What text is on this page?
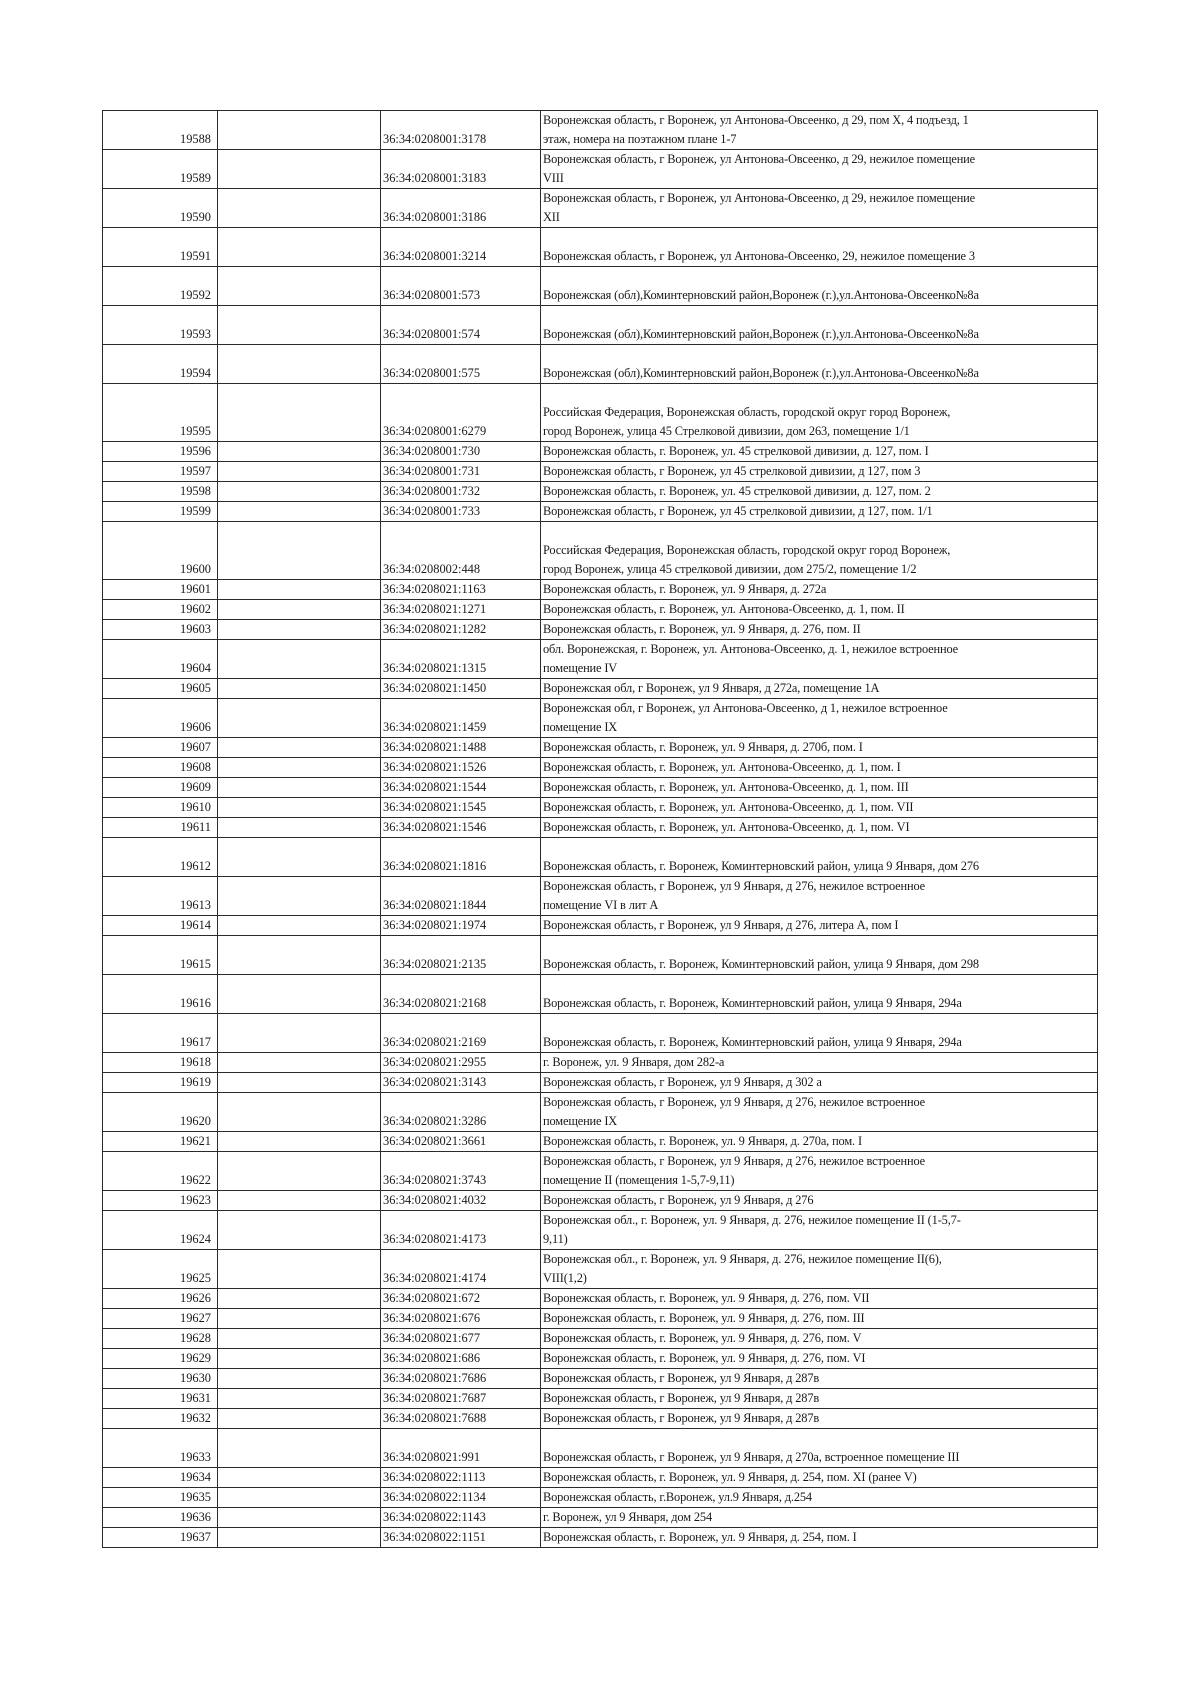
19588		36:34:0208001:3178	Воронежская область, г Воронеж, ул Антонова-Овсеенко, д 29, пом X, 4 подъезд, 1
этаж, номера на поэтажном плане 1-7

19589		36:34:0208001:3183	Воронежская область, г Воронеж, ул Антонова-Овсеенко, д 29, нежилое помещение
VIII

19590		36:34:0208001:3186	Воронежская область, г Воронеж, ул Антонова-Овсеенко, д 29, нежилое помещение
XII

19591		36:34:0208001:3214	Воронежская область, г Воронеж, ул Антонова-Овсеенко, 29, нежилое помещение 3

19592		36:34:0208001:573	Воронежская (обл),Коминтерновский район,Воронеж (г.),ул.Антонова-Овсеенко№8а

19593		36:34:0208001:574	Воронежская (обл),Коминтерновский район,Воронеж (г.),ул.Антонова-Овсеенко№8а

19594		36:34:0208001:575	Воронежская (обл),Коминтерновский район,Воронеж (г.),ул.Антонова-Овсеенко№8а

19595		36:34:0208001:6279	Российская Федерация, Воронежская область, городской округ город Воронеж,
город Воронеж, улица 45 Стрелковой дивизии, дом 263, помещение 1/1

19596		36:34:0208001:730	Воронежская область, г. Воронеж, ул. 45 стрелковой дивизии, д. 127, пом. I

19597		36:34:0208001:731	Воронежская область, г Воронеж, ул 45 стрелковой дивизии, д 127, пом 3

19598		36:34:0208001:732	Воронежская область, г. Воронеж, ул. 45 стрелковой дивизии, д. 127, пом. 2

19599		36:34:0208001:733	Воронежская область, г Воронеж, ул 45 стрелковой дивизии, д 127, пом. 1/1

19600		36:34:0208002:448	Российская Федерация, Воронежская область, городской округ город Воронеж,
город Воронеж, улица 45 стрелковой дивизии, дом 275/2, помещение 1/2

19601		36:34:0208021:1163	Воронежская область, г. Воронеж, ул. 9 Января, д. 272а

19602		36:34:0208021:1271	Воронежская область, г. Воронеж, ул. Антонова-Овсеенко, д. 1, пом. II

19603		36:34:0208021:1282	Воронежская область, г. Воронеж, ул. 9 Января, д. 276, пом. II

19604		36:34:0208021:1315	обл. Воронежская, г. Воронеж, ул. Антонова-Овсеенко, д. 1, нежилое встроенное
помещение IV

19605		36:34:0208021:1450	Воронежская обл, г Воронеж, ул 9 Января, д 272а, помещение 1А

19606		36:34:0208021:1459	Воронежская обл, г Воронеж, ул Антонова-Овсеенко, д 1, нежилое встроенное
помещение IX

19607		36:34:0208021:1488	Воронежская область, г. Воронеж, ул. 9 Января, д. 270б, пом. I

19608		36:34:0208021:1526	Воронежская область, г. Воронеж, ул. Антонова-Овсеенко, д. 1, пом. I

19609		36:34:0208021:1544	Воронежская область, г. Воронеж, ул. Антонова-Овсеенко, д. 1, пом. III

19610		36:34:0208021:1545	Воронежская область, г. Воронеж, ул. Антонова-Овсеенко, д. 1, пом. VII

19611		36:34:0208021:1546	Воронежская область, г. Воронеж, ул. Антонова-Овсеенко, д. 1, пом. VI

19612		36:34:0208021:1816	Воронежская область, г. Воронеж, Коминтерновский район, улица 9 Января, дом 276

19613		36:34:0208021:1844	Воронежская область, г Воронеж, ул 9 Января, д 276, нежилое встроенное
помещение VI в лит А

19614		36:34:0208021:1974	Воронежская область, г Воронеж, ул 9 Января, д 276, литера А, пом I

19615		36:34:0208021:2135	Воронежская область, г. Воронеж, Коминтерновский район, улица 9 Января, дом 298

19616		36:34:0208021:2168	Воронежская область, г. Воронеж, Коминтерновский район, улица 9 Января, 294а

19617		36:34:0208021:2169	Воронежская область, г. Воронеж, Коминтерновский район, улица 9 Января, 294а

19618		36:34:0208021:2955	г. Воронеж, ул. 9 Января, дом 282-а

19619		36:34:0208021:3143	Воронежская область, г Воронеж, ул 9 Января, д 302 а

19620		36:34:0208021:3286	Воронежская область, г Воронеж, ул 9 Января, д 276, нежилое встроенное
помещение IX

19621		36:34:0208021:3661	Воронежская область, г. Воронеж, ул. 9 Января, д. 270а, пом. I

19622		36:34:0208021:3743	Воронежская область, г Воронеж, ул 9 Января, д 276, нежилое встроенное
помещение II (помещения 1-5,7-9,11)

19623		36:34:0208021:4032	Воронежская область, г Воронеж, ул 9 Января, д 276

19624		36:34:0208021:4173	Воронежская обл., г. Воронеж, ул. 9 Января, д. 276, нежилое помещение II (1-5,7-
9,11)

19625		36:34:0208021:4174	Воронежская обл., г. Воронеж, ул. 9 Января, д. 276, нежилое помещение II(6),
VIII(1,2)

19626		36:34:0208021:672	Воронежская область, г. Воронеж, ул. 9 Января, д. 276, пом. VII

19627		36:34:0208021:676	Воронежская область, г. Воронеж, ул. 9 Января, д. 276, пом. III

19628		36:34:0208021:677	Воронежская область, г. Воронеж, ул. 9 Января, д. 276, пом. V

19629		36:34:0208021:686	Воронежская область, г. Воронеж, ул. 9 Января, д. 276, пом. VI

19630		36:34:0208021:7686	Воронежская область, г Воронеж, ул 9 Января, д 287в

19631		36:34:0208021:7687	Воронежская область, г Воронеж, ул 9 Января, д 287в

19632		36:34:0208021:7688	Воронежская область, г Воронеж, ул 9 Января, д 287в

19633		36:34:0208021:991	Воронежская область, г Воронеж, ул 9 Января, д 270а, встроенное помещение III

19634		36:34:0208022:1113	Воронежская область, г. Воронеж, ул. 9 Января, д. 254, пом. XI (ранее V)

19635		36:34:0208022:1134	Воронежская область, г.Воронеж, ул.9 Января, д.254

19636		36:34:0208022:1143	г. Воронеж, ул 9 Января, дом 254

19637		36:34:0208022:1151	Воронежская область, г. Воронеж, ул. 9 Января, д. 254, пом. I
